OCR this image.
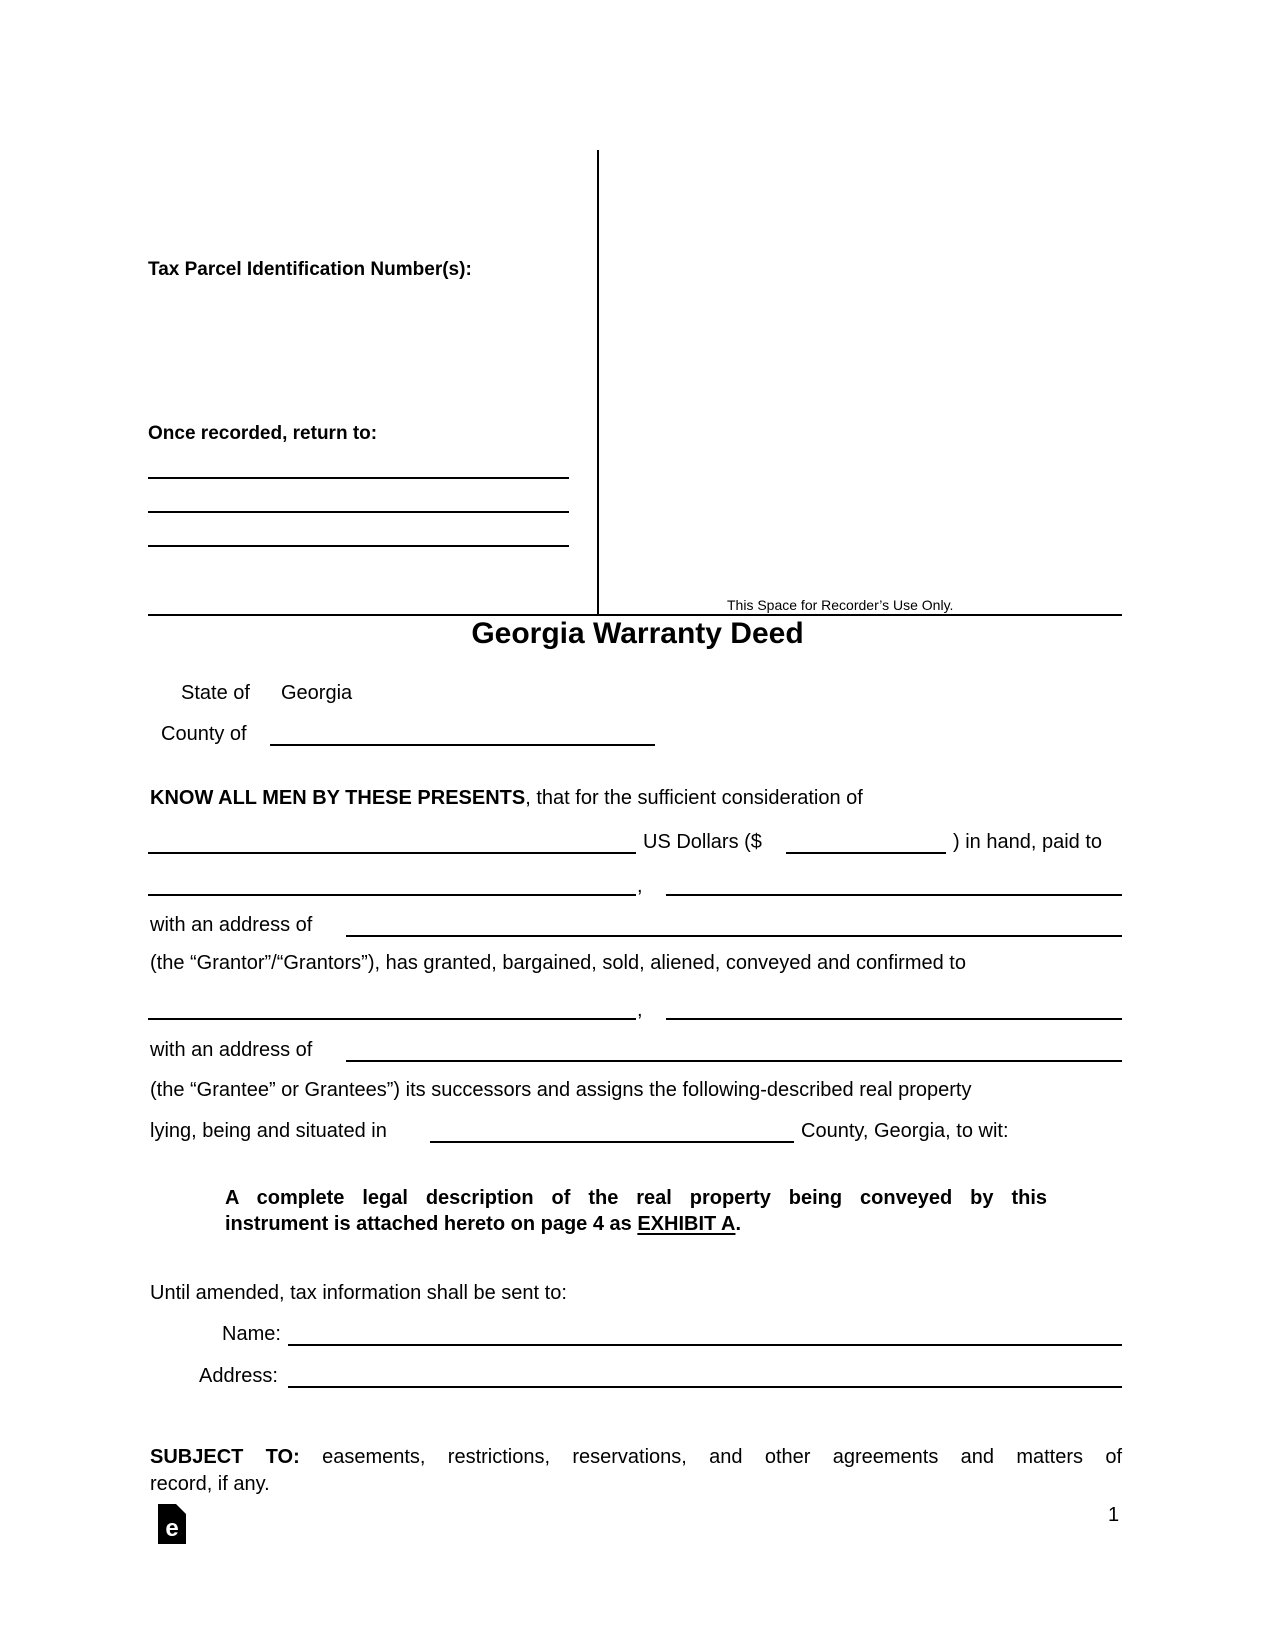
Tax Parcel Identification Number(s):
Once recorded, return to:
This Space for Recorder’s Use Only.
Georgia Warranty Deed
State of Georgia
County of
KNOW ALL MEN BY THESE PRESENTS, that for the sufficient consideration of
US Dollars ($	) in hand, paid to
,
with an address of
(the “Grantor”/“Grantors”), has granted, bargained, sold, aliened, conveyed and confirmed to
,
with an address of
(the “Grantee” or Grantees”) its successors and assigns the following-described real property
lying, being and situated in	County, Georgia, to wit:
A complete legal description of the real property being conveyed by this
instrument is attached hereto on page 4 as EXHIBIT A.
Until amended, tax information shall be sent to:
Name:
Address:
SUBJECT TO: easements, restrictions, reservations, and other agreements and matters of
record, if any.
e	1
